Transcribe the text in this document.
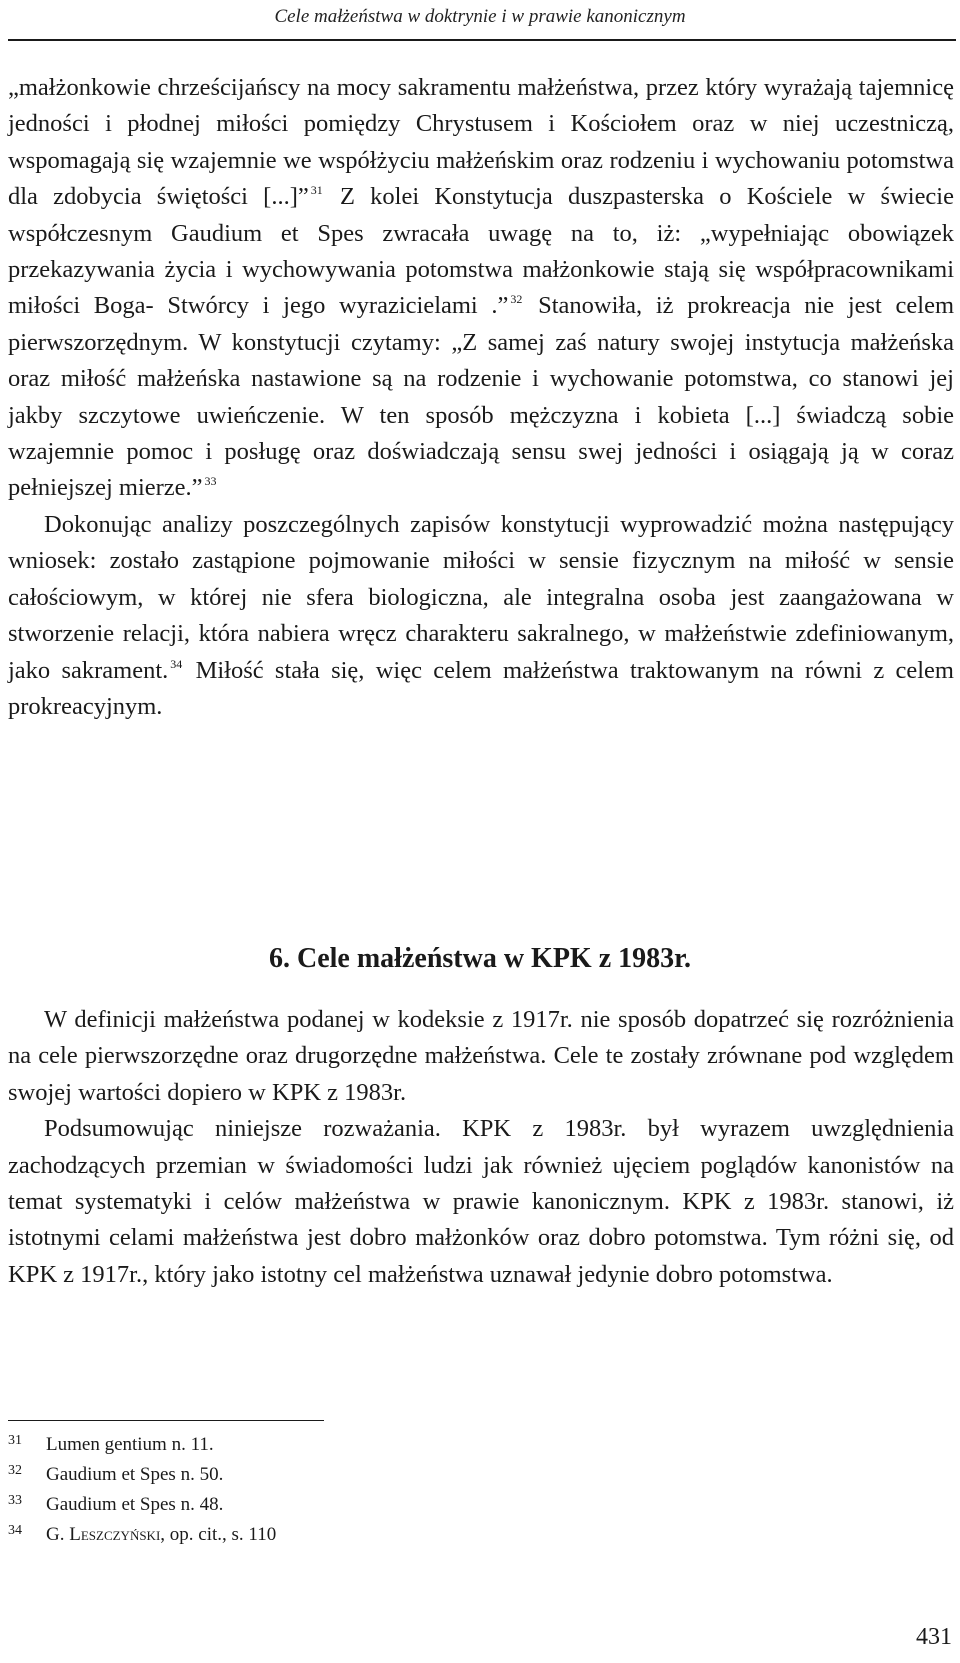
Cele małżeństwa w doktrynie i w prawie kanonicznym

„małżonkowie chrześcijańscy na mocy sakramentu małżeństwa, przez który wyrażają tajemnicę jedności i płodnej miłości pomiędzy Chrystusem i Kościołem oraz w niej uczestniczą, wspomagają się wzajemnie we współżyciu małżeńskim oraz rodzeniu i wychowaniu potomstwa dla zdobycia świętości [...]” $^{31}$ Z kolei Konstytucja duszpasterska o Kościele w świecie współczesnym Gaudium et Spes zwracała uwagę na to, iż: „wypełniając obowiązek przekazywania życia i wychowywania potomstwa małżonkowie stają się współpracownikami miłości Boga- Stwórcy i jego wyrazicielami .” $^{32}$ Stanowiła, iż prokreacja nie jest celem pierwszorzędnym. W konstytucji czytamy: „Z samej zaś natury swojej instytucja małżeńska oraz miłość małżeńska nastawione są na rodzenie i wychowanie potomstwa, co stanowi jej jakby szczytowe uwieńczenie. W ten sposób mężczyzna i kobieta [...] świadczą sobie wzajemnie pomoc i posługę oraz doświadczają sensu swej jedności i osiągają ją w coraz pełniejszej mierze.” $^{33}$

Dokonując analizy poszczególnych zapisów konstytucji wyprowadzić można następujący wniosek: zostało zastąpione pojmowanie miłości w sensie fizycznym na miłość w sensie całościowym, w której nie sfera biologiczna, ale integralna osoba jest zaangażowana w stworzenie relacji, która nabiera wręcz charakteru sakralnego, w małżeństwie zdefiniowanym, jako sakrament. $^{34}$ Miłość stała się, więc celem małżeństwa traktowanym na równi z celem prokreacyjnym.

6. Cele małżeństwa w KPK z 1983r.

W definicji małżeństwa podanej w kodeksie z 1917r. nie sposób dopatrzeć się rozróżnienia na cele pierwszorzędne oraz drugorzędne małżeństwa. Cele te zostały zrównane pod względem swojej wartości dopiero w KPK z 1983r.

Podsumowując niniejsze rozważania. KPK z 1983r. był wyrazem uwzględnienia zachodzących przemian w świadomości ludzi jak również ujęciem poglądów kanonistów na temat systematyki i celów małżeństwa w prawie kanonicznym. KPK z 1983r. stanowi, iż istotnymi celami małżeństwa jest dobro małżonków oraz dobro potomstwa. Tym różni się, od KPK z 1917r., który jako istotny cel małżeństwa uznawał jedynie dobro potomstwa.

31	Lumen gentium n. 11.
32	Gaudium et Spes n. 50.
33	Gaudium et Spes n. 48.
34	G. Leszczyński, op. cit., s. 110
431
